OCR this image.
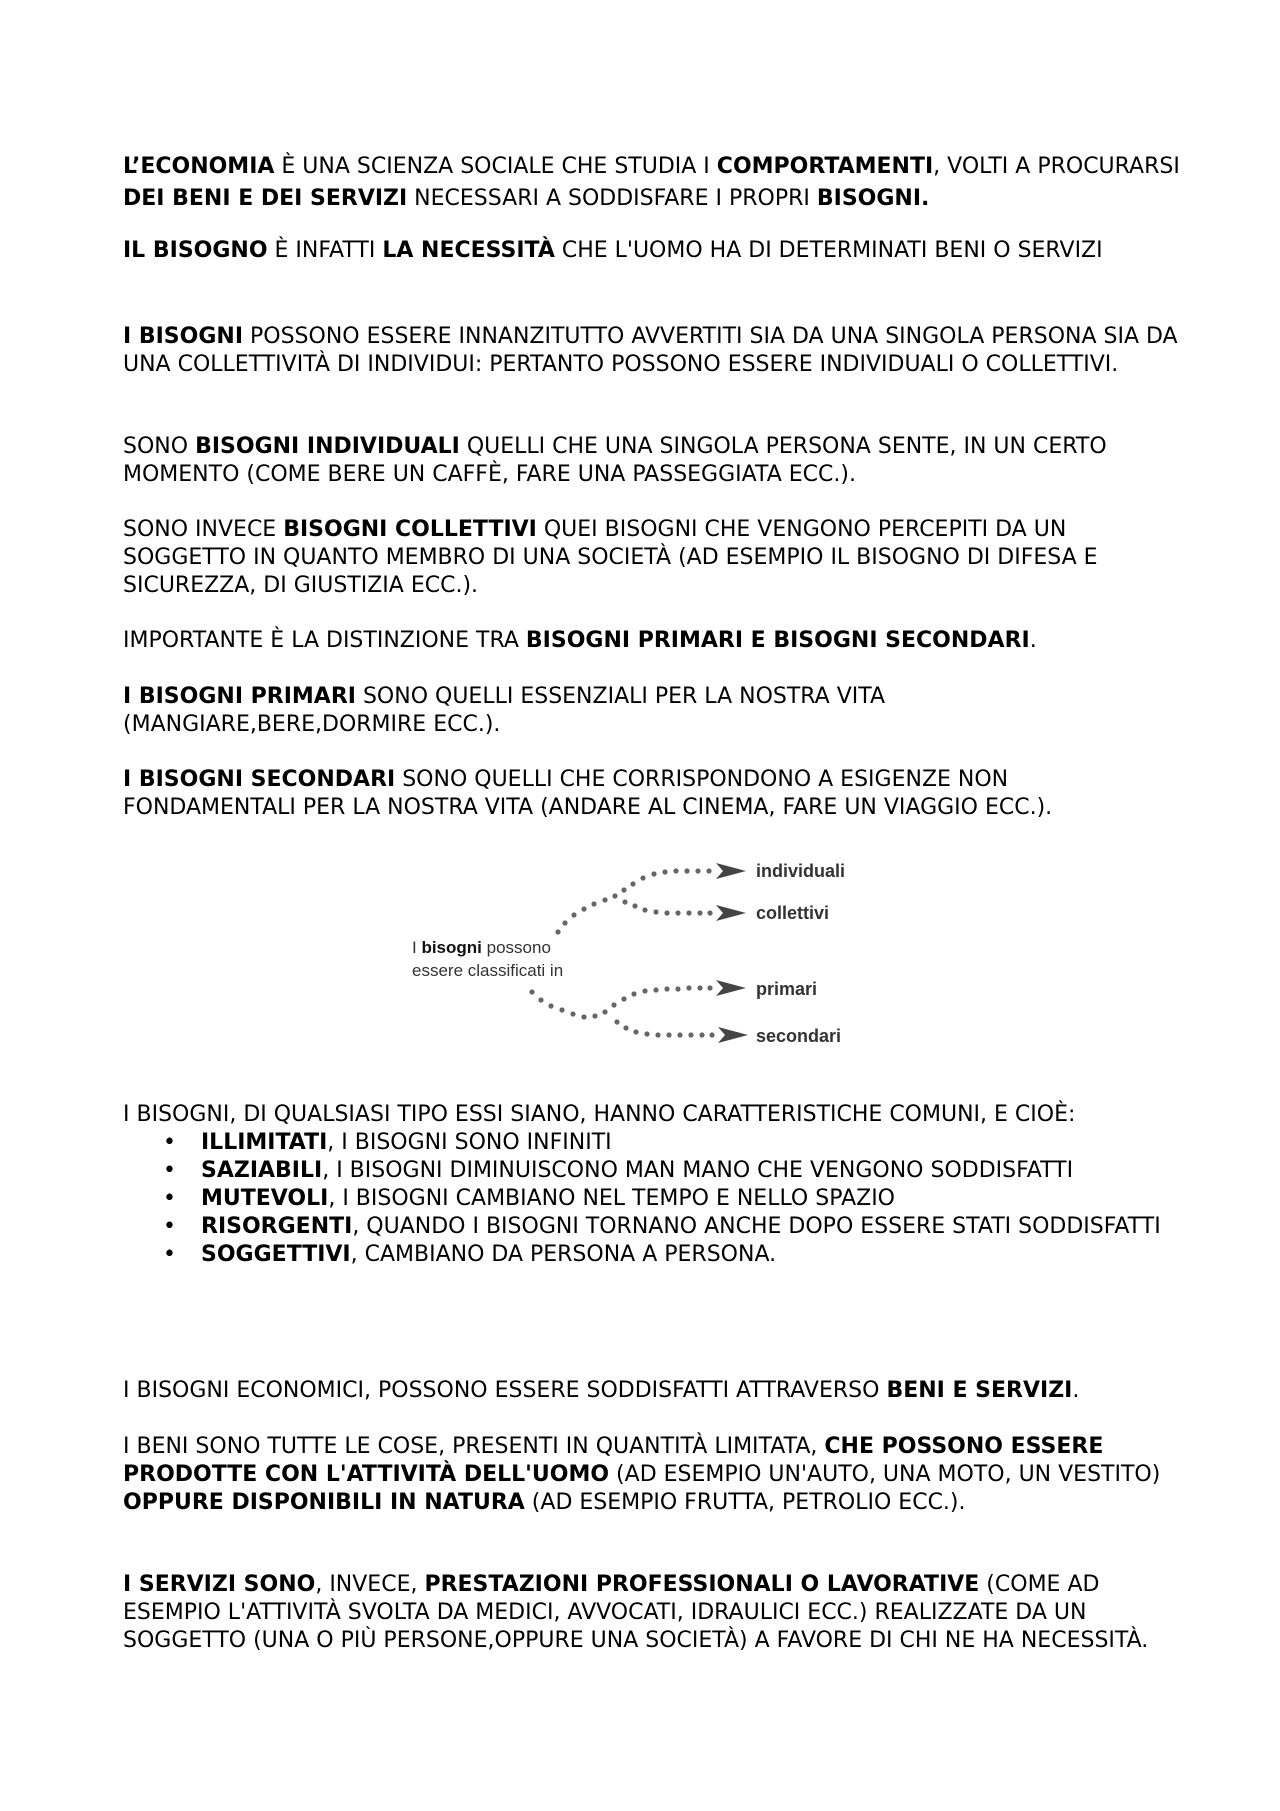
L’ECONOMIA È UNA SCIENZA SOCIALE CHE STUDIA I COMPORTAMENTI, VOLTI A PROCURARSI DEI BENI E DEI SERVIZI NECESSARI A SODDISFARE I PROPRI BISOGNI.

IL BISOGNO È INFATTI LA NECESSITÀ CHE L'UOMO HA DI DETERMINATI BENI O SERVIZI

I BISOGNI POSSONO ESSERE INNANZITUTTO AVVERTITI SIA DA UNA SINGOLA PERSONA SIA DA UNA COLLETTIVITÀ DI INDIVIDUI: PERTANTO POSSONO ESSERE INDIVIDUALI O COLLETTIVI.

SONO BISOGNI INDIVIDUALI QUELLI CHE UNA SINGOLA PERSONA SENTE, IN UN CERTO MOMENTO (COME BERE UN CAFFÈ, FARE UNA PASSEGGIATA ECC.).

SONO INVECE BISOGNI COLLETTIVI QUEI BISOGNI CHE VENGONO PERCEPITI DA UN SOGGETTO IN QUANTO MEMBRO DI UNA SOCIETÀ (AD ESEMPIO IL BISOGNO DI DIFESA E SICUREZZA, DI GIUSTIZIA ECC.).

IMPORTANTE È LA DISTINZIONE TRA BISOGNI PRIMARI E BISOGNI SECONDARI.

I BISOGNI PRIMARI SONO QUELLI ESSENZIALI PER LA NOSTRA VITA (MANGIARE,BERE,DORMIRE ECC.).

I BISOGNI SECONDARI SONO QUELLI CHE CORRISPONDONO A ESIGENZE NON FONDAMENTALI PER LA NOSTRA VITA (ANDARE AL CINEMA, FARE UN VIAGGIO ECC.).

I bisogni possono
essere classificati in
individuali
collettivi
primari
secondari

I BISOGNI, DI QUALSIASI TIPO ESSI SIANO, HANNO CARATTERISTICHE COMUNI, E CIOÈ:

• ILLIMITATI, I BISOGNI SONO INFINITI
• SAZIABILI, I BISOGNI DIMINUISCONO MAN MANO CHE VENGONO SODDISFATTI
• MUTEVOLI, I BISOGNI CAMBIANO NEL TEMPO E NELLO SPAZIO
• RISORGENTI, QUANDO I BISOGNI TORNANO ANCHE DOPO ESSERE STATI SODDISFATTI
• SOGGETTIVI, CAMBIANO DA PERSONA A PERSONA.

I BISOGNI ECONOMICI, POSSONO ESSERE SODDISFATTI ATTRAVERSO BENI E SERVIZI.

I BENI SONO TUTTE LE COSE, PRESENTI IN QUANTITÀ LIMITATA, CHE POSSONO ESSERE PRODOTTE CON L'ATTIVITÀ DELL'UOMO (AD ESEMPIO UN'AUTO, UNA MOTO, UN VESTITO) OPPURE DISPONIBILI IN NATURA (AD ESEMPIO FRUTTA, PETROLIO ECC.).

I SERVIZI SONO, INVECE, PRESTAZIONI PROFESSIONALI O LAVORATIVE (COME AD ESEMPIO L'ATTIVITÀ SVOLTA DA MEDICI, AVVOCATI, IDRAULICI ECC.) REALIZZATE DA UN SOGGETTO (UNA O PIÙ PERSONE,OPPURE UNA SOCIETÀ) A FAVORE DI CHI NE HA NECESSITÀ.
